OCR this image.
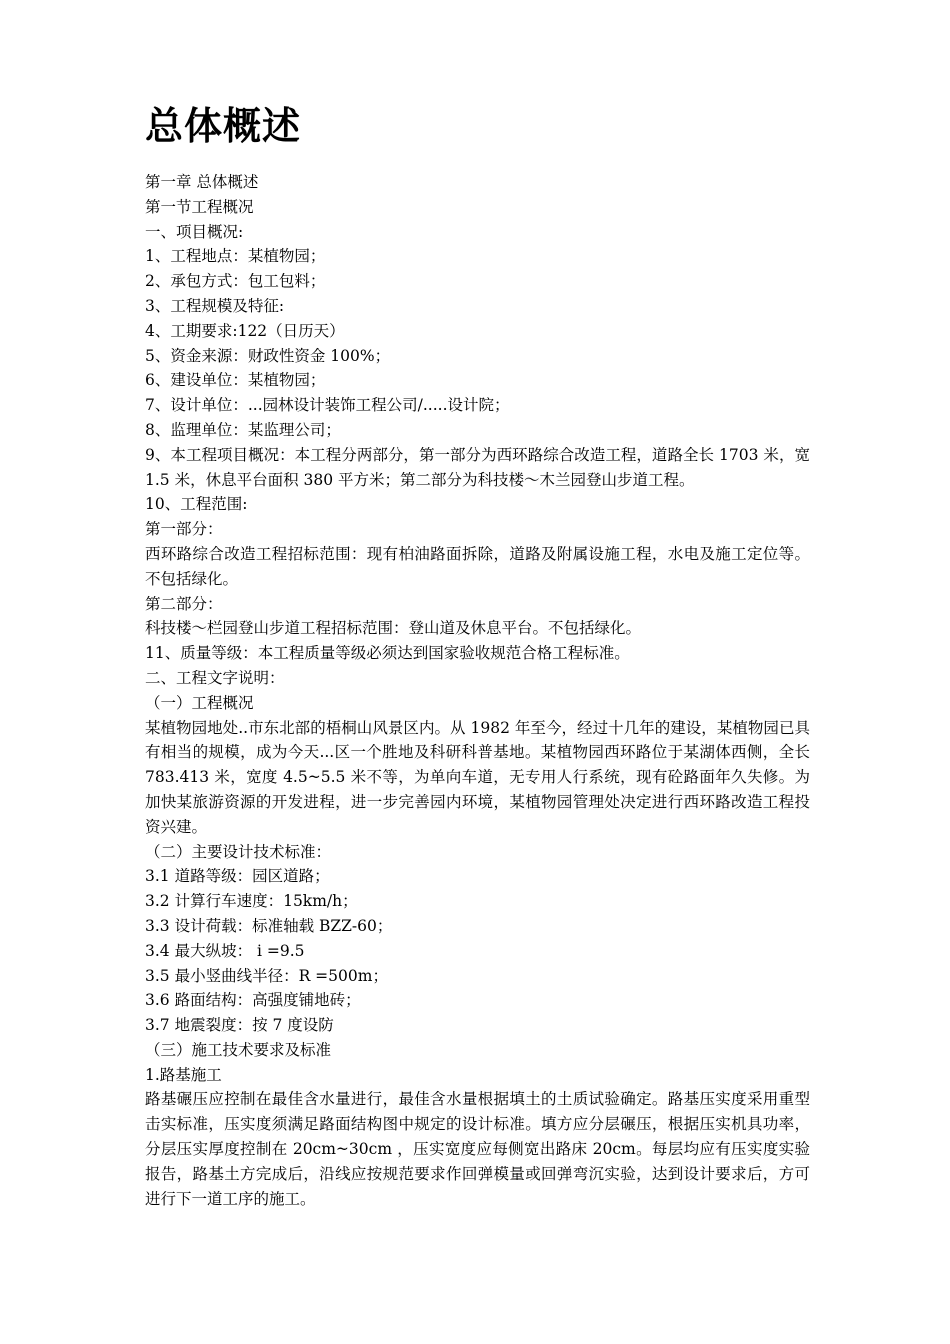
总体概述

第一章 总体概述

第一节工程概况

一、项目概况:

1、工程地点：某植物园；

2、承包方式：包工包料；

3、工程规模及特征:

4、工期要求:122（日历天）

5、资金来源：财政性资金 100%；

6、建设单位：某植物园；

7、设计单位：...园林设计装饰工程公司/.....设计院；

8、监理单位：某监理公司；

9、本工程项目概况：本工程分两部分，第一部分为西环路综合改造工程，道路全长 1703 米，宽 1.5 米，休息平台面积 380 平方米；第二部分为科技楼～木兰园登山步道工程。

10、工程范围:

第一部分：

西环路综合改造工程招标范围：现有柏油路面拆除，道路及附属设施工程，水电及施工定位等。不包括绿化。

第二部分：

科技楼～栏园登山步道工程招标范围：登山道及休息平台。不包括绿化。

11、质量等级：本工程质量等级必须达到国家验收规范合格工程标准。

二、工程文字说明：

（一）工程概况

某植物园地处..市东北部的梧桐山风景区内。从 1982 年至今，经过十几年的建设，某植物园已具有相当的规模，成为今天...区一个胜地及科研科普基地。某植物园西环路位于某湖体西侧，全长 783.413 米，宽度 4.5~5.5 米不等，为单向车道，无专用人行系统，现有砼路面年久失修。为加快某旅游资源的开发进程，进一步完善园内环境，某植物园管理处决定进行西环路改造工程投资兴建。

（二）主要设计技术标准：

3.1 道路等级：园区道路；

3.2 计算行车速度：15km/h；

3.3 设计荷载：标准轴载 BZZ-60；

3.4 最大纵坡： i =9.5

3.5 最小竖曲线半径：R =500m；

3.6 路面结构：高强度铺地砖；

3.7 地震裂度：按 7 度设防

（三）施工技术要求及标准

1.路基施工

路基碾压应控制在最佳含水量进行，最佳含水量根据填土的土质试验确定。路基压实度采用重型击实标准，压实度须满足路面结构图中规定的设计标准。填方应分层碾压，根据压实机具功率，分层压实厚度控制在 20cm~30cm ，压实宽度应每侧宽出路床 20cm。每层均应有压实度实验报告，路基土方完成后，沿线应按规范要求作回弹模量或回弹弯沉实验，达到设计要求后，方可进行下一道工序的施工。
